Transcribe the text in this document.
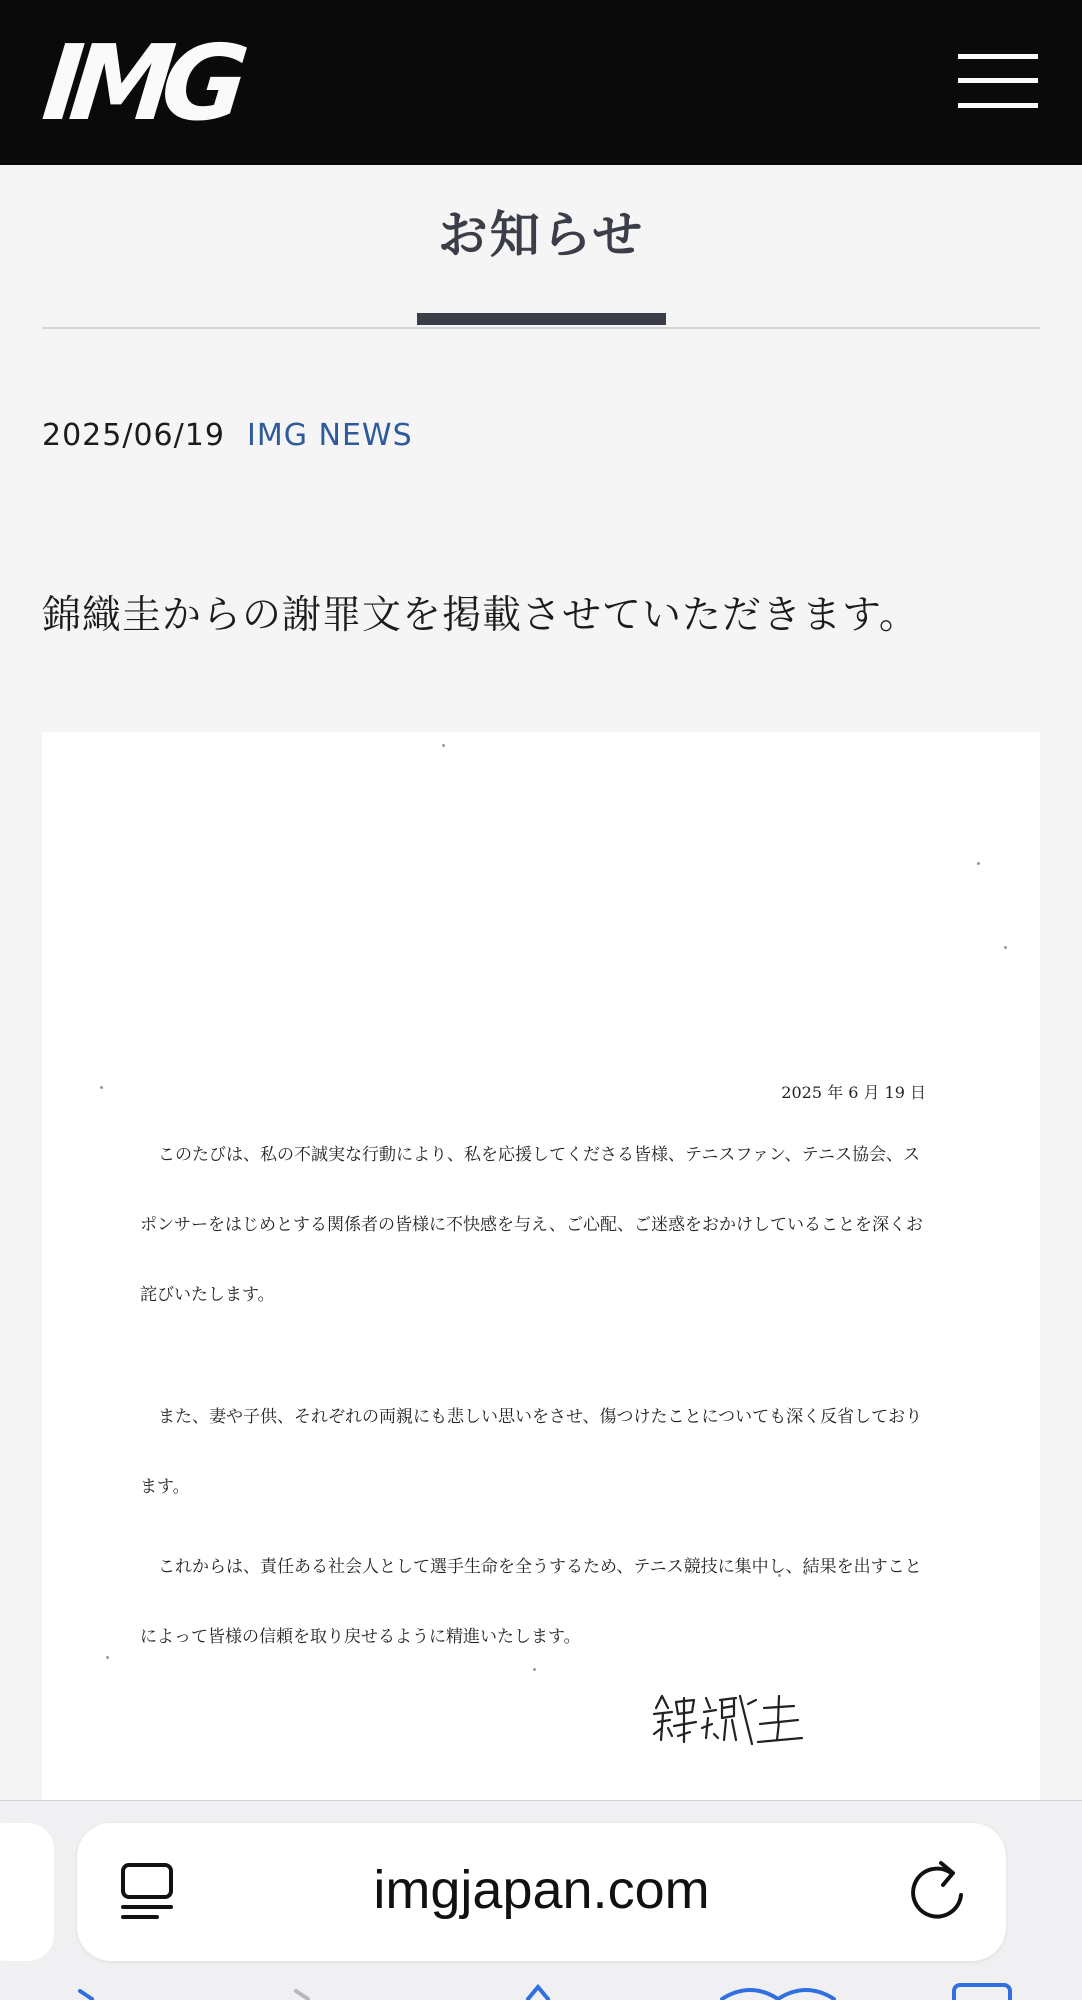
IMG
お知らせ
2025/06/19 IMG NEWS

錦織圭からの謝罪文を掲載させていただきます。

2025 年 6 月 19 日

このたびは、私の不誠実な行動により、私を応援してくださる皆様、テニスファン、テニス協会、スポンサーをはじめとする関係者の皆様に不快感を与え、ご心配、ご迷惑をおかけしていることを深くお詫びいたします。

また、妻や子供、それぞれの両親にも悲しい思いをさせ、傷つけたことについても深く反省しております。

これからは、責任ある社会人として選手生命を全うするため、テニス競技に集中し、結果を出すことによって皆様の信頼を取り戻せるように精進いたします。

imgjapan.com
